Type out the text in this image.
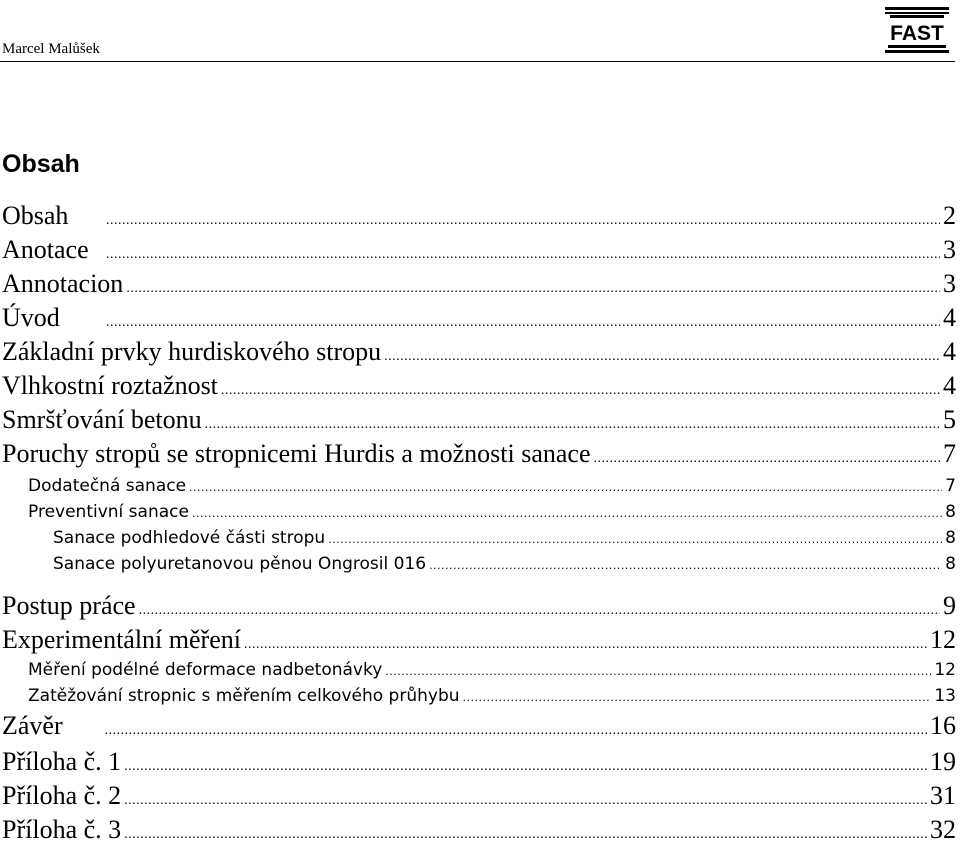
Marcel Malůšek
FAST
Obsah
Obsah .....	2
Anotace .....	3
Annotacion .....	3
Úvod .....	4
Základní prvky hurdiskového stropu .....	4
Vlhkostní roztažnost .....	4
Smršťování betonu .....	5
Poruchy stropů se stropnicemi Hurdis a možnosti sanace .....	7
Dodatečná sanace .....	7
Preventivní sanace .....	8
Sanace podhledové části stropu .....	8
Sanace polyuretanovou pěnou Ongrosil 016 .....	8
Postup práce .....	9
Experimentální měření .....	12
Měření podélné deformace nadbetonávky .....	12
Zatěžování stropnic s měřením celkového průhybu .....	13
Závěr .....	16
Příloha č. 1 .....	19
Příloha č. 2 .....	31
Příloha č. 3 .....	32
